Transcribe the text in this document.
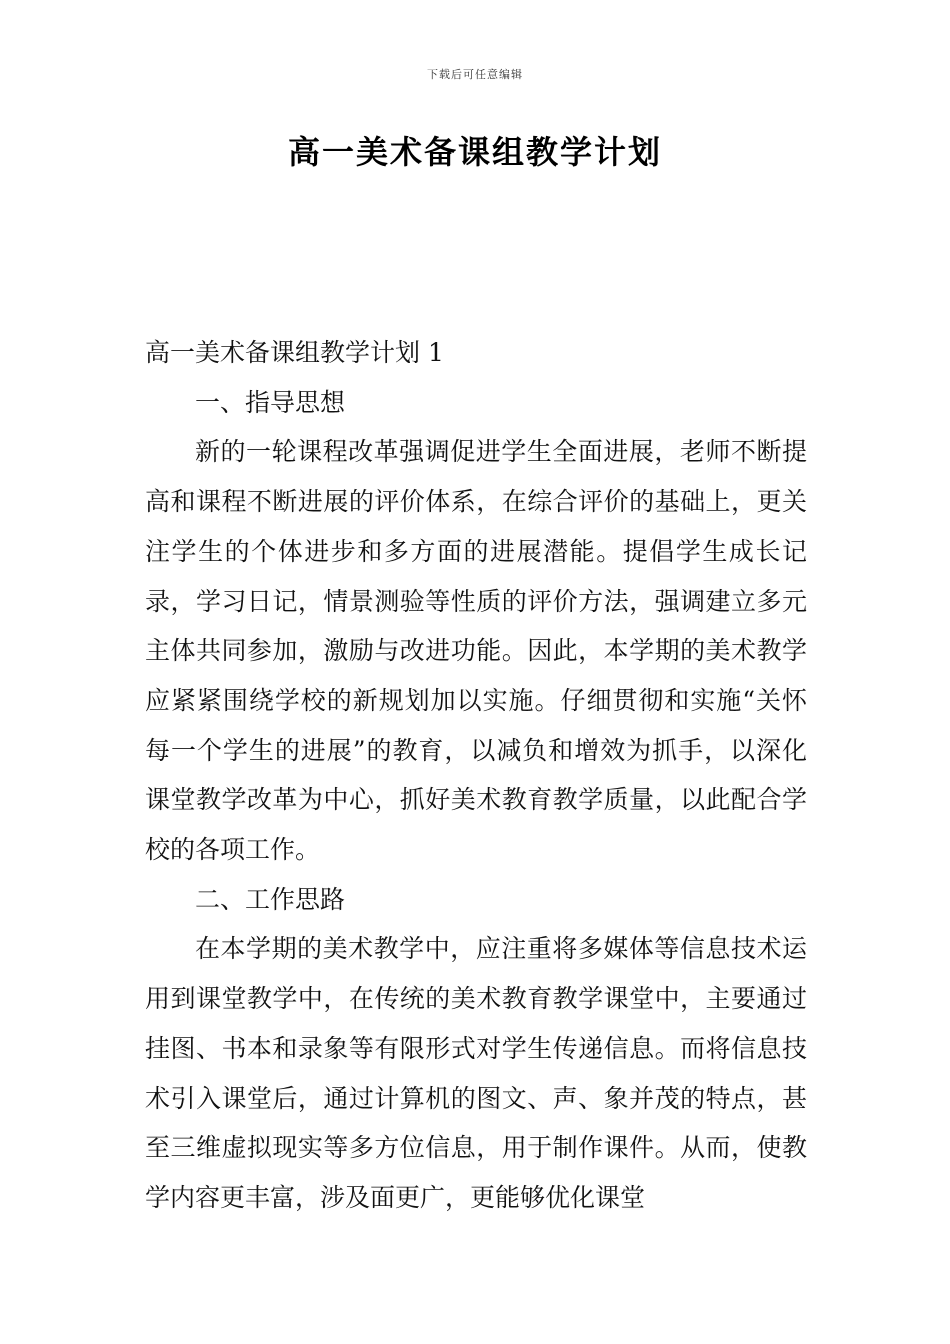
下载后可任意编辑
高一美术备课组教学计划

高一美术备课组教学计划 1

一、指导思想

新的一轮课程改革强调促进学生全面进展，老师不断提高和课程不断进展的评价体系，在综合评价的基础上，更关注学生的个体进步和多方面的进展潜能。提倡学生成长记录，学习日记，情景测验等性质的评价方法，强调建立多元主体共同参加，激励与改进功能。因此，本学期的美术教学应紧紧围绕学校的新规划加以实施。仔细贯彻和实施“关怀每一个学生的进展”的教育，以减负和增效为抓手，以深化课堂教学改革为中心，抓好美术教育教学质量，以此配合学校的各项工作。

二、工作思路

在本学期的美术教学中，应注重将多媒体等信息技术运用到课堂教学中，在传统的美术教育教学课堂中，主要通过挂图、书本和录象等有限形式对学生传递信息。而将信息技术引入课堂后，通过计算机的图文、声、象并茂的特点，甚至三维虚拟现实等多方位信息，用于制作课件。从而，使教学内容更丰富，涉及面更广，更能够优化课堂
